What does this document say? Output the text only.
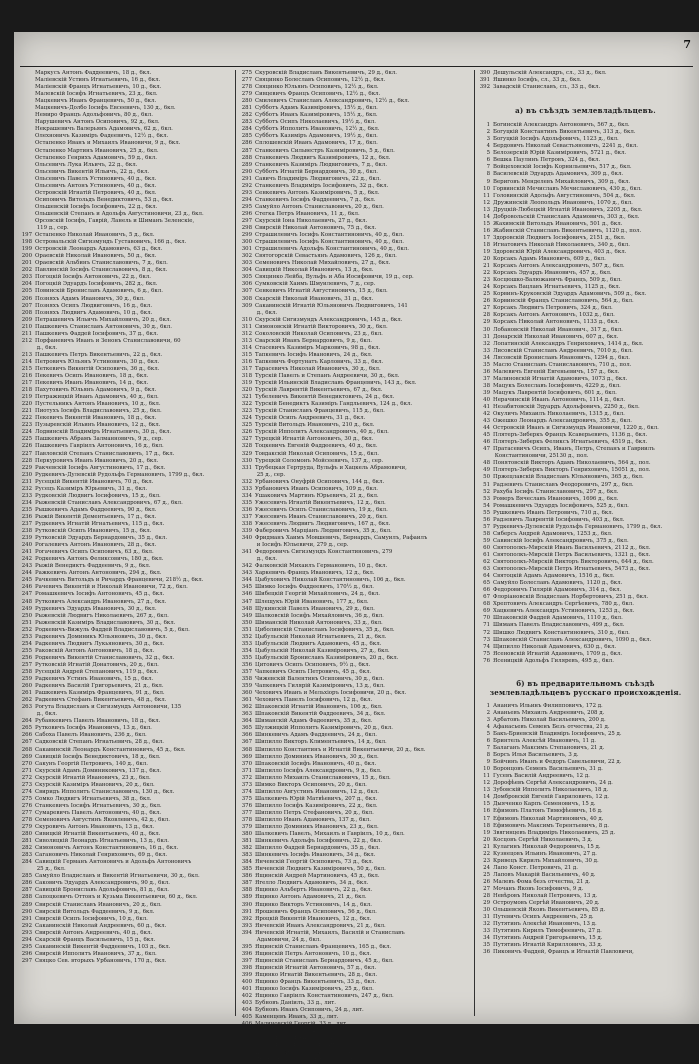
7
Маркусъ Антонъ Фаддеевичъ, 18 д., 6кл.
Маліевскій Устинъ Игнатьевичъ, 16 д., 6кл.
Маліевскій Францъ Игнатьевичъ, 10 д., 6кл.
Малевскій Іосифъ Игнатьевичъ, 23 д., 6кл.
Мацкевичъ Иванъ Францевичъ, 50 д., 6кл.
Мацкевичъ-Долбо Іосифъ Евсеевичъ, 130 д., 6кл.
Немиро Францъ Адольфовичъ, 80 д., 6кл.
Нарушевичъ Антонъ Осиповичъ, 92 д., 6кл.
Некрашевичъ Валерьянъ Адамовичъ, 62 д., 6кл.
Олехновичъ Казиміръ Фадеевичъ, 12½ д., 6кл.
Остапенко Иванъ и Михаилъ Ивановичи, 9 д., 6кл.
Остапенко Мартинъ Ивановичъ, 25 д., 6кл.
Остапенко Генрихъ Адамовичъ, 59 д., 6кл.
Ольсевичъ Лука Ильичъ, 22 д., 6кл.
Ольсевичъ Викентій Ильичъ, 22 д., 6кл.
Ольсевичъ Павелъ Устиновичъ, 40 д., 6кл.
Ольсевичъ Антонъ Устиновичъ, 40 д., 6кл.
Островскій Игнатій Петровичъ, 40 д., 6кл.
Осиповичъ Витольдъ Венедиктовичъ, 53 д., 6кл.
Ольшевскій Іосифъ Іосифовичъ, 22 д., 6кл.
Ольшевскій Степанъ и Адольфъ Августиновичи, 23 д., 6кл.
Орсовскій Іосифъ, Гаврій, Ланель и Шиманъ Зеленскіе,
119 д., сер.
197 Остапенко Николай Ивановичъ, 5 д., 6кл.
198 Островальскій Сигизмундъ Густавовичъ, 166 д., 6кл.
199 Островскій Леонардъ Адамовичъ, 63 д., 6кл.
200 Ораевскій Николай Ивановичъ, 50 д., 6кл.
201 Ораевскій Альбинъ Станиславовичъ, 7 д., 6кл.
202 Павлинскій Іосифъ Станиславовичъ, 8 д., 6кл.
203 Погоцкій Іосифъ Антоновичъ, 22 д., 6кл.
204 Погоцкій Эдуардъ Іосифовичъ, 282 д., 6кл.
205 Повинскій Брониславъ Адамовичъ, 6 д., 6кл.
206 Позняхъ Адамъ Ивановичъ, 30 д., 6кл.
207 Позняхъ Осипъ Людвиговичъ, 16 д., 6кл.
208 Позняхъ Людвигъ Адамовичъ, 10 д., 6кл.
209 Петрашевичъ Ильичъ Михайловичъ, 20 д., 6кл.
210 Пашкевичъ Станиславъ Антоновичъ, 30 д., 6кл.
211 Пашкевичъ Фаддей Іосифовичъ, 37 д., 6кл.
212 Порфаневичъ Иванъ и Зенонъ Станиславовичи, 60
д., 6кл.
213 Пашкевичъ Петръ Викентьевичъ, 22 д., 6кл.
214 Петровичъ Юльянъ Устиновичъ, 30 д., 6кл.
215 Петкевичъ Викентій Осиповичъ, 36 д., 6кл.
216 Пекевичъ Осипъ Ивановичъ, 18 д., 6кл.
217 Пекевичъ Иванъ Ивановичъ, 14 д., 6кл.
218 Пахутовичъ Юльянъ Адамовичъ, 9 д., 6кл.
219 Петражицкій Иванъ Адамовичъ, 40 д., 6кл.
220 Пустельникъ Антонъ Ивановичъ, 10 д., 6кл.
221 Пиотухъ Іосифъ Владиславовичъ, 25 д., 6кл.
222 Пекевичъ Викентій Ивановичъ, 18 д., 6кл.
223 Пузыревскій Ильинъ Ивановичъ, 12 д., 6кл.
224 Лодвинскій Владиміръ Игнатьевичъ, 30 д., 6кл.
225 Пашкевичъ Абрамъ Залманновичъ, 9 д., сер.
226 Пашкевичъ Гавріилъ Антоновичъ, 16 д., 6кл.
227 Павловскій Степанъ Станиславовичъ, 17 д., 6кл.
228 Перкуровичъ Иванъ Ивановичъ, 20 д., 6кл.
229 Ракчевскій Іосифъ Августиновичъ, 17 д., 6кл.
230 Рудкевичъ-Дулевскій Рудольфъ Германовичъ, 1799 д., 6кл.
231 Русецкій Викентій Ивановичъ, 70 д., 6кл.
232 Русецъ Казиміръ Юрьевичъ, 31 д., 6кл.
233 Рудковскій Людвигъ Іосифовичъ, 15 д., 6кл.
234 Рыжевскій Станиславъ Александровичъ, 67 д., 6кл.
235 Рышкевичъ Адамъ Фаддеевичъ, 90 д., 6кл.
236 Рыжій Викентій Дементьевичъ, 17 д., 6кл.
237 Рудкевичъ Игнатій Игнатьевичъ, 115 д., 6кл.
238 Рутковскій Осипъ Ивановичъ, 15 д., 6кл.
239 Рутковскій Эдуардъ Бернардовичъ, 35 д., 6кл.
240 Рогалевичъ Антонъ Ивановичъ, 28 д., 6кл.
241 Рогачевичъ Осипъ Осиповичъ, 63 д., 6кл.
242 Родкевичъ Антонъ Феликсовичъ, 180 д., 6кл.
243 Рыжій Венедиктъ Фаддеевичъ, 9 д., 6кл.
244 Ражкевичъ Антонъ Антоновичъ, 294 д., 6кл.
245 Рачкевичъ Витольдъ и Ричардъ Францевичи, 218½ д., 6кл.
246 Рачевичъ Викентій и Николай Ивановичи, 72 д., 6кл.
247 Ромашкевичъ Іосифъ Антоновичъ, 45 д., 6кл.
248 Рутковичъ Александръ Ивановичъ, 27 д., 6кл.
249 Рудкевичъ Эдуардъ Ивановичъ, 30 д., 6кл.
250 Рыжевскій Людвигъ Николаевичъ, 267 д., 6кл.
251 Рыжевскій Казиміръ Владиславовичъ, 30 д., 6кл.
252 Родкевичъ-Вижуль Фаддей Владиславовичъ, 5 д., 6кл.
253 Радкевичъ Доминикъ Юльяновичъ, 30 д., 6кл.
254 Радкевичъ Людвигъ Лукьяновичъ, 30 д., 6кл.
255 Раковскій Антонъ Антоновичъ, 18 д., 6кл.
256 Родкевичъ Викентій Станиславовичъ, 32 д., 6кл.
257 Рутковскій Игнатій Донатовичъ, 20 д., 6кл.
258 Русецкій Андрей Степановичъ, 119 д., 6кл.
259 Радкевичъ Устинъ Ивановичъ, 15 д., 6кл.
260 Радкевичъ Василій Григорьевичъ, 21 д., 6кл.
261 Рашкевичъ Казиміръ Францевичъ, 91 д., 6кл.
262 Радкевичъ Стефанъ Викентьевичъ, 48 д., 6кл.
263 Рогута Владиславъ и Сигизмундъ Антоновичи, 135
д., 6кл.
264 Рубанкевичъ Павелъ Ивановичъ, 18 д., 6кл.
265 Рутковичъ Іосифъ Ивановичъ, 13 д., 6кл.
266 Сабоха Павелъ Ивановичъ, 236 д., 6кл.
267 Садковскій Степанъ Игнатьевичъ, 28 д., 6кл.
268 Сакавинскій Леонардъ Константиновичъ, 45 д., 6кл.
269 Савицкій Іосифъ Венедиктовичъ, 18 д., 6кл.
270 Сакунъ Георгій Петровичъ, 140 д., 6кл.
271 Скурскій Адамъ Доминиковичъ, 137 д., 6кл.
272 Скурскій Игнатій Ивановичъ, 23 д., 6кл.
273 Скурскій Казиміръ Ивановичъ, 20 д., 6кл.
274 Свиридъ Ипполитъ Станиславовичъ, 130 д., 6кл.
275 Сомко Людвигъ Игнатьевичъ, 38 д., 6кл.
276 Станкевичъ Іосифъ Игнатьевичъ, 30 д., 6кл.
277 Сумаревичъ Павелъ Антоновичъ, 40 д., 6кл.
278 Семеновичъ Августинъ Яковлевичъ, 42 д., 6кл.
279 Скуровичъ Антонъ Ивановичъ, 13 д., 6кл.
280 Сивицкій Игнатій Викентьевичъ, 40 д., 6кл.
281 Сиволицкій Леонардъ Игнатьевичъ, 13 д., 6кл.
282 Симоновичъ Антонъ Константиновичъ, 16 д., 6кл.
283 Сагановичъ Николай Генриховичъ, 69 д., 6кл.
284 Савицкій Германъ Антоновичъ и Адольфъ Антоновичъ
25 д., 6кл.
285 Самуйло Владиславъ и Викентій Игнатьевичи, 30 д., 6кл.
286 Саковичъ Эдуардъ Александровичъ, 90 д., 6кл.
287 Савицкій Брониславъ Адольфовичъ, 81 д., 6кл.
288 Сапоцкевичъ Оттонъ и Кузьма Викентьевичи, 60 д., 6кл.
289 Свирскій Станиславъ Ивановичъ, 20 д., 6кл.
290 Свирскій Витольдъ Фаддеевичъ, 9 д., 6кл.
291 Свирскій Осипъ Іосифовичъ, 10 д., 6кл.
292 Сакавинскій Николай Андреевичъ, 60 д., 6кл.
293 Свирскій Антонъ Андреевичъ, 40 д., 6кл.
294 Скарскій Францъ Васильевичъ, 15 д., 6кл.
295 Сакавинскій Викентій Фаддеевичъ, 103 д., 6кл.
296 Свирскій Ипполитъ Ивановичъ, 37 д., 6кл.
297 Свяцко Сев. вторыхъ Урбановичъ, 170 д., 6кл.
275 Скуровскій Владиславъ Викентьевичъ, 29 д., 6кл.
277 Свяцинко Болеславъ Осиповичъ, 12½ д., 6кл.
278 Свяцинко Юльянъ Осиповичъ, 12½ д., 6кл.
279 Сивцевичъ Францъ Осиповичъ, 12½ д., 6кл.
280 Смилевичъ Станиславъ Александровичъ, 12½ д., 6кл.
281 Субботъ Адамъ Казиміровичъ, 15½ д., 6кл.
282 Субботъ Иванъ Казиміровичъ, 15½ д., 6кл.
283 Субботъ Осипъ Николаевичъ, 19½ д., 6кл.
284 Субботъ Ипполитъ Ивановичъ, 12½ д., 6кл.
285 Субботъ Казиміръ Адамовичъ, 19½ д., 6кл.
286 Сплошевскій Иванъ Адамовичъ, 17 д., 6кл.
287 Станкевичъ Сильвестръ Казиміровичъ, 5 д., 6кл.
288 Станкевичъ Людвигъ Казиміровичъ, 12 д., 6кл.
289 Станкевичъ Казиміръ Людвиговичъ, 7 д., 6кл.
290 Субботъ Игнатій Бернардовичъ, 30 д., 6кл.
291 Савичъ Владиміръ Людвиговичъ, 22 д., 6кл.
292 Станкевичъ Владиміръ Іосифовичъ, 32 д., 6кл.
293 Сенкевичъ Антонъ Казиміровичъ, 5 д., 6кл.
294 Станкевичъ Іосифъ Фаддеевичъ, 7 д., 6кл.
295 Самуйло Антонъ Станиславовичъ, 20 д., 6кл.
296 Стегка Петръ Ивановичъ, 11 д., 6кл.
297 Скурскій Іона Николаевичъ, 27 д., 6кл.
298 Свирскій Николай Антоновичъ, 75 д., 6кл.
299 Страшилевичъ Іосифъ Константиновичъ, 40 д., 6кл.
300 Страшилевичъ Іосифъ Константиновичъ, 40 д., 6кл.
301 Страшилевичъ Адольфъ Константиновичъ, 40 д., 6кл.
302 Святогорскій Севастьянъ Адамовичъ, 126 д., 6кл.
303 Семеновичъ Николай Михайловичъ, 27 д., 6кл.
304 Савицкій Николай Ивановичъ, 13 д., 6кл.
305 Свяцинко Лейба, Вульфъ и Аба Иосифовичи, 19 д., сер.
306 Сумковскій Хаимъ Шмуилевичъ, 7 д., сер.
307 Сенкевичъ Игнатій Августиновичъ, 15 д., 6кл.
308 Скарскій Николай Ивановичъ, 31 д., 6кл.
309 Сакавинскій Игнатій Юльяновичъ Людвиговичъ, 141
д., 6кл.
310 Скурскій Сигизмундъ Александровичъ, 145 д., 6кл.
311 Симоновскій Игнатій Викторовичъ, 30 д., 6кл.
312 Соколовскій Николай Осиповичъ, 23 д., 6кл.
313 Сварскій Иванъ Бернардовичъ, 9 д., 6кл.
314 Стасевичъ Казиміръ Марковичъ, 98 д., 6кл.
315 Тапкевичъ Іосифъ Ивановичъ, 24 д., 6кл.
316 Тапкевичъ Фортунатъ Карловичъ, 33 д., 6кл.
317 Тарасевичъ Николай Ивановичъ, 30 д., 6кл.
318 Турскій Павелъ и Степанъ Андреевичи, 30 д., 6кл.
319 Турскій Ильинскій Владиславъ Францевичъ, 143 д., 6кл.
320 Турскій Лаврентій Викентьевичъ, 67 д., 6кл.
321 Тубелевичъ Викентій Венедиктовичъ, 24 д., 6кл.
322 Турскій Бенедиктъ Казиміръ Гандльевичъ, 124 д., 6кл.
323 Турскій Станиславъ Францевичъ, 115 д., 6кл.
324 Турскій Осипъ Андреевичъ, 31 д., 6кл.
325 Турскій Витольдъ Ивановичъ, 210 д., 6кл.
326 Турскій Ипполитъ Александровичъ, 40 д., 6кл.
327 Турецкій Игнатій Антоновичъ, 30 д., 6кл.
328 Тоцкевичъ Евгеній Фаддеевичъ, 40 д., 6кл.
329 Товдакскій Николай Осиповичъ, 15 д., 6кл.
330 Турецкій Соломонъ Мойсеевичъ, 137 д., сер.
331 Трубецкая Гертруда, Вульфъ и Хацкель Абрамовичи,
25 д., сер.
332 Урбановичъ Онуфрій Осиповичъ, 144 д., 6кл.
333 Урбановичъ Иванъ Осиповичъ, 109 д., 6кл.
334 Ушаковичъ Мартинъ Юрьевичъ, 21 д., 6кл.
335 Ужесевичъ Игнатій Викентьевичъ, 12 д., 6кл.
336 Ужесевичъ Осипъ Станиславовичъ, 19 д., 6кл.
337 Ужесевичъ Иванъ Станиславовичъ, 20 д., 6кл.
338 Ужесевичъ Людвигъ Людвиговичъ, 167 д., 6кл.
339 Фаберовичъ Марціанъ Людвиговичъ, 35 д., 6кл.
340 Фридманъ Хаимъ Мовшевичъ, Бернардъ, Самуилъ, Рафаилъ
и Іосифъ Юльевичи, 279 д., сер.
341 Федоровичъ Сигизмундъ Константиновичъ, 279
д., 6кл.
342 Фалковскій Михаилъ Германовичъ, 10 д., 6кл.
343 Харкевичъ Францъ Ивановичъ, 12 д., 6кл.
344 Цыбуховичъ Николай Константиновичъ, 106 д., 6кл.
345 Шимко Іосифъ Фаддеевичъ, 170½ д., 6кл.
346 Шибецкій Георгій Михайловичъ, 24 д., 6кл.
347 Шлещукъ Юрій Ивановичъ, 177 д., 6кл.
348 Щукинскій Павелъ Ивановичъ, 29 д., 6кл.
349 Шалковскій Іосифъ Михайловичъ, 36 д., 6кл.
350 Шиманскій Николай Антоновичъ, 33 д., 6кл.
351 Циболинскій Станиславъ Іосифовичъ, 35 д., 6кл.
352 Цыбульскій Николай Игнатьевичъ, 21 д., 6кл.
353 Цыбульскій Людвигъ Адамовичъ, 45 д., 6кл.
354 Цыбульскій Николай Казиміровичъ, 27 д., 6кл.
355 Цыбульскій Брониславъ Казиміровичъ, 20 д., 6кл.
356 Цитовичъ Осипъ Осиповичъ, 9½ д., 6кл.
357 Чапкевичъ Осипъ Петровичъ, 45 д., 6кл.
358 Чижевскій Валентинъ Осиповичъ, 30 д., 6кл.
359 Чапкевичъ Гилярій Казиміровичъ, 13 д., 6кл.
360 Чеховичъ Иванъ и Мельхіоръ Іосифовичи, 20 д., 6кл.
361 Чеховичъ Павелъ Іосифовичъ, 12 д., 6кл.
362 Шпаковскій Игнатій Ивановичъ, 106 д., 6кл.
363 Шпаковскій Викентій Фаддеевичъ, 34 д., 6кл.
364 Шиманскій Адамъ Фадеевичъ, 35 д., 6кл.
365 Шулжицкій Ипполитъ Казиміровичъ, 20 д., 6кл.
366 Шинкевичъ Адамъ Фаддеевичъ, 24 д., 6кл.
367 Шипилло Викторъ Климентьевичъ, 14 д., 6кл.
368 Шипилло Константинъ и Игнатій Викентьевичи, 20 д., 6кл.
369 Шипилло Доминикъ Ивановичъ, 30 д., 6кл.
370 Шпаковскій Іосифъ Ивановичъ, 40 д., 6кл.
371 Шипилло Іосифъ Александровичъ, 9 д., 6кл.
372 Шипилло Михаилъ Станиславовичъ, 15 д., 6кл.
373 Шимко Викторъ Осиповичъ, 20 д., 6кл.
374 Шипилло Августинъ Ивановичъ, 12 д., 6кл.
375 Шалкевичъ Юрій Матвѣевичъ, 207 д., 6кл.
376 Шипилло Іосифъ Казиміровичъ, 22 д., 6кл.
377 Шипилло Петръ Стефановичъ, 20 д., 6кл.
378 Шипилло Иванъ Адамовичъ, 137 д., 6кл.
379 Шипилло Доминикъ Ивановичъ, 23 д., 6кл.
380 Шалкевичъ Павелъ, Михаилъ и Гавріилъ, 10 д., 6кл.
381 Шинкевичъ Адольфъ Іосифовичъ, 22 д., 6кл.
382 Шипилло Фаддей Бернардовичъ, 35 д., 6кл.
383 Шинкевичъ Іосифъ Ивановичъ, 34 д., 6кл.
384 Янчевскій Георгій Осиповичъ, 73 д., 6кл.
385 Янчевскій Людвигъ Казиміровичъ, 50 д., 6кл.
386 Ящинскій Андрей Мартиновичъ, 45 д., 6кл.
387 Ягелло Людвигъ Адамовичъ, 34 д., 6кл.
388 Ящинко Альбертъ Ивановичъ, 22 д., 6кл.
389 Ящинко Антонъ Адамовичъ, 21 д., 6кл.
390 Ящинко Викторъ Устиновичъ, 14 д., 6кл.
391 Ярошевичъ Францъ Осиповичъ, 56 д., 6кл.
392 Яроцкій Викентій Ивановичъ, 12 д., 6кл.
393 Янчевскій Иванъ Александровичъ, 21 д., 6кл.
394 Янчевскій Игнатій, Михаилъ, Василій и Станиславъ
Адамовичи, 24 д., 6кл.
395 Ящинскій Станиславъ Францевичъ, 165 д., 6кл.
396 Ящинскій Петръ Антоновичъ, 10 д., 6кл.
397 Ящинскій Станиславъ Бернардовичъ, 45 д., 6кл.
398 Ящинскій Игнатій Антоновичъ, 57 д., 6кл.
399 Ящинко Игнатій Викентьевичъ, 28 д., 6кл.
400 Ящинко Францъ Викентьевичъ, 33 д., 6кл.
401 Ящинко Іосифъ Казиміровичъ, 25 д., 6кл.
402 Ящинко Гавріилъ Константиновичъ, 247 д., 6кл.
403 Бубновъ Даніилъ, 33 д., лит.
404 Бубновъ Иванъ Осиповичъ, 24 д., лит.
405 Каменцевъ Иванъ, 33 д., лит.
406 Малиновскій Георгій, 33 д., лит.
407 Моргуновъ Антонъ, 25 д., лит.
408 Холодный Андрей, 33 д., лит.
409 Холодный Іосифъ, 33 д., лит.
410 Шпаковскій Станиславъ, 33 д., лит.
411 Друшлейевъ Александръ, 33 д., лит.
390 Дешульскій Александръ, сл., 33 д., 6кл.
391 Яшинко Іосифъ, сл., 33 д., 6кл.
392 Завадскій Станиславъ, сл., 33 д., 6кл.
а) въ съѣздъ землевладѣльцевъ.
1 Богинскій Александръ Антоновичъ, 567 д., 6кл.
2 Богуцкій Константинъ Викентьевичъ, 313 д., 6кл.
3 Богуцкій Іосифъ Адольфовичъ, 1123 д., 6кл.
4 Бердовичъ Николай Севастьяновичъ, 2241 д., 6кл.
5 Белозерскій Юрій Казиміровичъ, 5721 д., 6кл.
6 Вешка Паулинъ Петровъ, 324 д., 6кл.
7 Войцеховскій Іосифъ Корнильевичъ, 517 д., 6кл.
8 Василевскій Эдуардъ Адамовичъ, 309 д., 6кл.
9 Вериговъ Менделевъ Михайловичъ, 309 д., 6кл.
10 Горвинскій Мечиславъ Мечиславовичъ, 430 д., 6кл.
11 Головинскій Адольфъ Августиновичъ, 504 д., 6кл.
12 Дружинскій Леопольдъ Ивановичъ, 1070 д., 6кл.
13 Друцкій-Любецкій Игнатій Ивановичъ, 2205 д., 6кл.
14 Добровольскій Станиславъ Адамовичъ, 303 д., 6кл.
15 Жахимскій Витольдъ Ивановичъ, 501 д., 6кл.
16 Жабинскій Станиславъ Викентьевичъ, 1120 д., пол.
17 Здоровскій Людвигъ Іосифовичъ, 2151 д., 6кл.
18 Игнатовичъ Николай Николаевичъ, 340 д., 6кл.
19 Здоровскій Юрій Александровичъ, 403 д., 6кл.
20 Корсакъ Адамъ Ивановичъ, 609 д., 6кл.
21 Корсакъ Антонъ Александровичъ, 507 д., 6кл.
22 Корсакъ Эдуардъ Ивановичъ, 457 д., 6кл.
23 Косцюшко-Валюжаничъ Францъ, 509 д., 6кл.
24 Корсакъ Вацлавъ Игнатьевичъ, 1125 д., 6кл.
25 Корвинъ-Круковскій Эдуардъ Адамовичъ, 509 д., 6кл.
26 Корвинскій Францъ Станиславовичъ, 564 д., 6кл.
27 Корсакъ Людвигъ Петровичъ, 324 д., 6кл.
28 Корсакъ Антонъ Антоновичъ, 1032 д., 6кл.
29 Корсакъ Николай Антоновичъ, 1133 д., 6кл.
30 Лобановскій Николай Иванович., 317 д., 6кл.
31 Донарскій Николай Ивановичъ, 607 д., 6кл.
32 Лопатинскій Александръ Генриховичъ, 1414 д., 6кл.
33 Лисовскій Станиславъ Андреевичъ, 7010 д., 6кл.
34 Лясовскій Брониславъ Ивановичъ, 1294 д., 6кл.
35 Масло Станиславъ Станиславовичъ, 710 д., пол.
36 Малевичъ Евгеній Евгеньевичъ, 157 д., 6кл.
37 Малиновскій Игнатій Адамовичъ, 1073 д., 6кл.
38 Мацукъ Болеславъ Іосифовичъ, 4229 д., 6кл.
39 Мацукъ Лаврентій Іосифовичъ, 601 д., 6кл.
40 Нерачинскій Иванъ Антоновичъ, 1114 д., 6кл.
41 Незабитовскій Эдуардъ Адольфовичъ, 2250 д., 6кл.
42 Окуличъ Михаилъ Николаевичъ, 1315 д., 6кл.
43 Ожешко Леонардъ Александровичъ, 355 д., 6кл.
44 Островскій Иванъ и Сигизмундъ Ивановичи, 1220 д., 6кл.
45 Плятеръ-Зиберкъ Францъ Ксаверьевичъ, 1136 д., 6кл.
46 Плятеръ-Зиберкъ Феликсъ Игнатьевичъ, 4519 д., 6кл.
47 Пратасевичъ Осипъ, Иванъ, Петръ, Степанъ и Гавриилъ
Константиновичи, 25130 д., пол.
48 Понятовскій Викторъ Адамъ Николаевичъ, 564 д., пол.
49 Плятеръ-Зиберкъ Викторъ Генриховичъ, 15051 д., пол.
50 Пржецлавскій Владиславъ Юльяновичъ, 365 д., 6кл.
51 Радзевичъ Станиславъ Феодоровичъ, 297 д., 6кл.
52 Рахуба Іосифъ Станиславовичъ, 297 д., 6кл.
53 Ромеръ Вячеславъ Ивановичъ, 1696 д., 6кл.
54 Ромашкевичъ Эдуардъ Іосифовичъ, 525 д., 6кл.
55 Рушкевичъ Иванъ Петровичъ, 710 д., 6кл.
56 Радзевичъ Лаврентій Іосифовичъ, 403 д., 6кл.
57 Рудкевичъ-Дулевскій Рудольфъ Германовичъ, 1799 д., 6кл.
58 Сиберсъ Андрей Адамовичъ, 1253 д., 6кл.
59 Савинскій Іосифъ Александровичъ, 375 д., 6кл.
60 Святополкъ-Мирскій Иванъ Васильевичъ, 2112 д., 6кл.
61 Святополкъ-Мирскій Петръ Васильевичъ, 1321 д., 6кл.
62 Святополкъ-Мирскій Викторъ Викторовичъ, 644 д., 6кл.
63 Святополкъ-Мирскій Петръ Игнатьевичъ, 5473 д., 6кл.
64 Святоцкій Адамъ Адамовичъ, 1516 д., 6кл.
65 Самуйло Болеславъ Адамовичъ, 1120 д., 6кл.
66 Федоровичъ Гилярій Адамовичъ, 314 д., 6кл.
67 Флоріановскій Владиславъ Норбертовичъ, 251 д., 6кл.
68 Хрептовичъ Александръ Сергѣевичъ, 780 д., 6кл.
69 Хацкевичъ Александръ Устиновичъ, 1253 д., 6кл.
70 Шпаковскій Фаддей Адамовичъ, 1110 д., 6кл.
71 Шиманъ Павелъ Владиславовичъ, 499 д., 6кл.
72 Шишко Людвигъ Константиновичъ, 310 д., 6кл.
73 Шпаковскій Станиславъ Александровичъ, 1090 д., 6кл.
74 Щипилло Николай Адамовичъ, 630 д., 6кл.
75 Ясеновскій Игнатій Адамовичъ, 1709 д., 6кл.
76 Ясеницкій Адольфъ Гиляревъ, 495 д., 6кл.
б) въ предварительномъ съѣздѣ землевладѣльцевъ русскаго происхожденія.
1 Ананичъ Ильинъ Филипповичъ, 172 д.
2 Ананьевъ Михаилъ Андреевичъ, 208 д.
3 Арбатовъ Николай Васильевичъ, 200 д.
4 Афанасьевъ Семенъ Безъ отчества, 21 д.
5 Бакъ-Бриевскій Владиміръ Іосифовичъ, 25 д.
6 Бринтель Алексѣй Ивановичъ, 11 д.
7 Балаганъ Максимъ Степановичъ, 21 д.
8 Борсъ Илья Васильевичъ, 3 д.
9 Бойчинъ Иванъ и Федоръ Савельевичи, 22 д.
10 Воронцовъ Семенъ Васильевичъ, 31 д.
11 Гусевъ Василій Андреевичъ, 12 д.
12 Дорофѣевъ Сергѣй Александровичъ, 24 д.
13 Зубовскій Ипполитъ Николаевичъ, 18 д.
14 Домбровскій Евгеній Гавриловичъ, 12 д.
15 Дыяченко Карпъ Семеновичъ, 15 д.
16 Ефимовъ Платонъ Тимофѣевичъ, 16 д.
17 Ефимовъ Николай Мартиновичъ, 40 д.
18 Ефимовичъ Максимъ Терентьевичъ, 8 д.
19 Звягинцевъ Владиміръ Николаевичъ, 25 д.
20 Косцовъ Сергѣй Николаевичъ, 3 д.
21 Кулагинъ Николай Федоровичъ, 15 д.
22 Кузнецовъ Ильинъ Ивановичъ, 27 д.
23 Кривецъ Кирилъ Михайловичъ, 30 д.
24 Лапо Конст. Петровичъ, 21 д.
25 Лаповъ Макарій Васильевичъ, 40 д.
26 Малевъ Фома безъ отчества, 21 д.
27 Мочанъ Яковъ Іосифовичъ, 9 д.
28 Невѣровъ Николай Петровичъ, 13 д.
29 Остроумовъ Сергѣй Ивановичъ, 20 д.
30 Ольшевскій Яковъ Викентьевичъ, 85 д.
31 Путевичъ Осипъ Андреевичъ, 25 д.
32 Путятинъ Алексѣй Ивановичъ, 13 д.
33 Путятинъ Кирилъ Тимофеевичъ, 27 д.
34 Путятинъ Андрей Григорьевичъ, 15 д.
35 Путятинъ Игнатій Кирилловичъ, 33 д.
36 Пиковичъ Фаддей, Францъ и Игнатій Павловичи,
